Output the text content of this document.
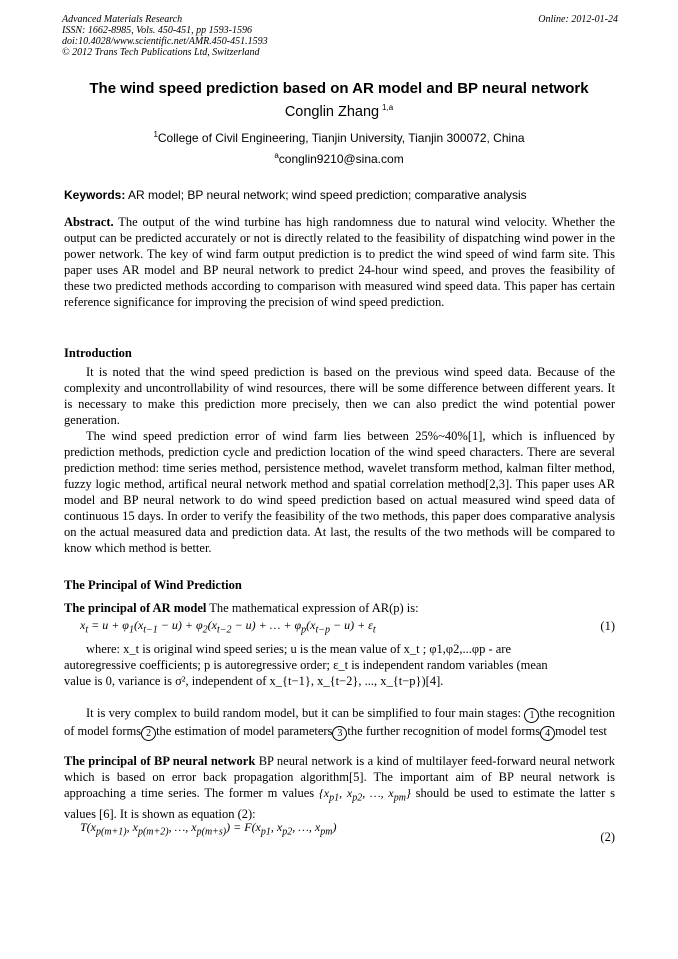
Advanced Materials Research
ISSN: 1662-8985, Vols. 450-451, pp 1593-1596
doi:10.4028/www.scientific.net/AMR.450-451.1593
© 2012 Trans Tech Publications Ltd, Switzerland
Online: 2012-01-24
The wind speed prediction based on AR model and BP neural network
Conglin Zhang  $^{1,a}$
$^1$College of Civil Engineering, Tianjin University, Tianjin 300072, China
$^a$conglin9210@sina.com
Keywords: AR model; BP neural network; wind speed prediction; comparative analysis
Abstract. The output of the wind turbine has high randomness due to natural wind velocity. Whether the output can be predicted accurately or not is directly related to the feasibility of dispatching wind power in the power network. The key of wind farm output prediction is to predict the wind speed of wind farm site. This paper uses AR model and BP neural network to predict 24-hour wind speed, and proves the feasibility of these two predicted methods according to comparison with measured wind speed data. This paper has certain reference significance for improving the precision of wind speed prediction.
Introduction

It is noted that the wind speed prediction is based on the previous wind speed data. Because of the complexity and uncontrollability of wind resources, there will be some difference between different years. It is necessary to make this prediction more precisely, then we can also predict the wind potential power generation.

The wind speed prediction error of wind farm lies between 25%~40%[1], which is influenced by prediction methods, prediction cycle and prediction location of the wind speed characters. There are several prediction method: time series method, persistence method, wavelet transform method, kalman filter method, fuzzy logic method, artifical neural network method and spatial correlation method[2,3]. This paper uses AR model and BP neural network to do wind speed prediction based on actual measured wind speed data of continuous 15 days. In order to verify the feasibility of the two methods, this paper does comparative analysis on the actual measured data and prediction data. At last, the results of the two methods will be compared to know which method is better.

The Principal of Wind Prediction
The principal of AR model The mathematical expression of AR(p) is:
$x_t = u + \varphi_1(x_{t-1} - u) + \varphi_2(x_{t-2} - u)$ + … + $\varphi_p(x_{t-p} - u) + \varepsilon_t$	(1)

where: x_t is original wind speed series; u is the mean value of x_t ; φ1,φ2,...φp - are

autoregressive coefficients; p is autoregressive order; ε_t is independent random variables (mean

value is 0, variance is σ², independent of x_{t−1}, x_{t−2}, ..., x_{t−p})[4].

It is very complex to build random model, but it can be simplified to four main stages: 1 the recognition of model forms 2 the estimation of model parameters 3 the further recognition of model forms 4 model test

The principal of BP neural network BP neural network is a kind of multilayer feed-forward neural network which is based on error back propagation algorithm[5]. The important aim of BP neural network is approaching a time series. The former m values {$x_{p1}$, $x_{p2}$, …, $x_{pm}$} should be used to estimate the latter s values [6]. It is shown as equation (2):
$T(x_{p(m+1)}$, $x_{p(m+2)}$, …, $x_{p(m+s)}) = F(x_{p1}$, $x_{p2}$, …, $x_{pm}$)
(2)
